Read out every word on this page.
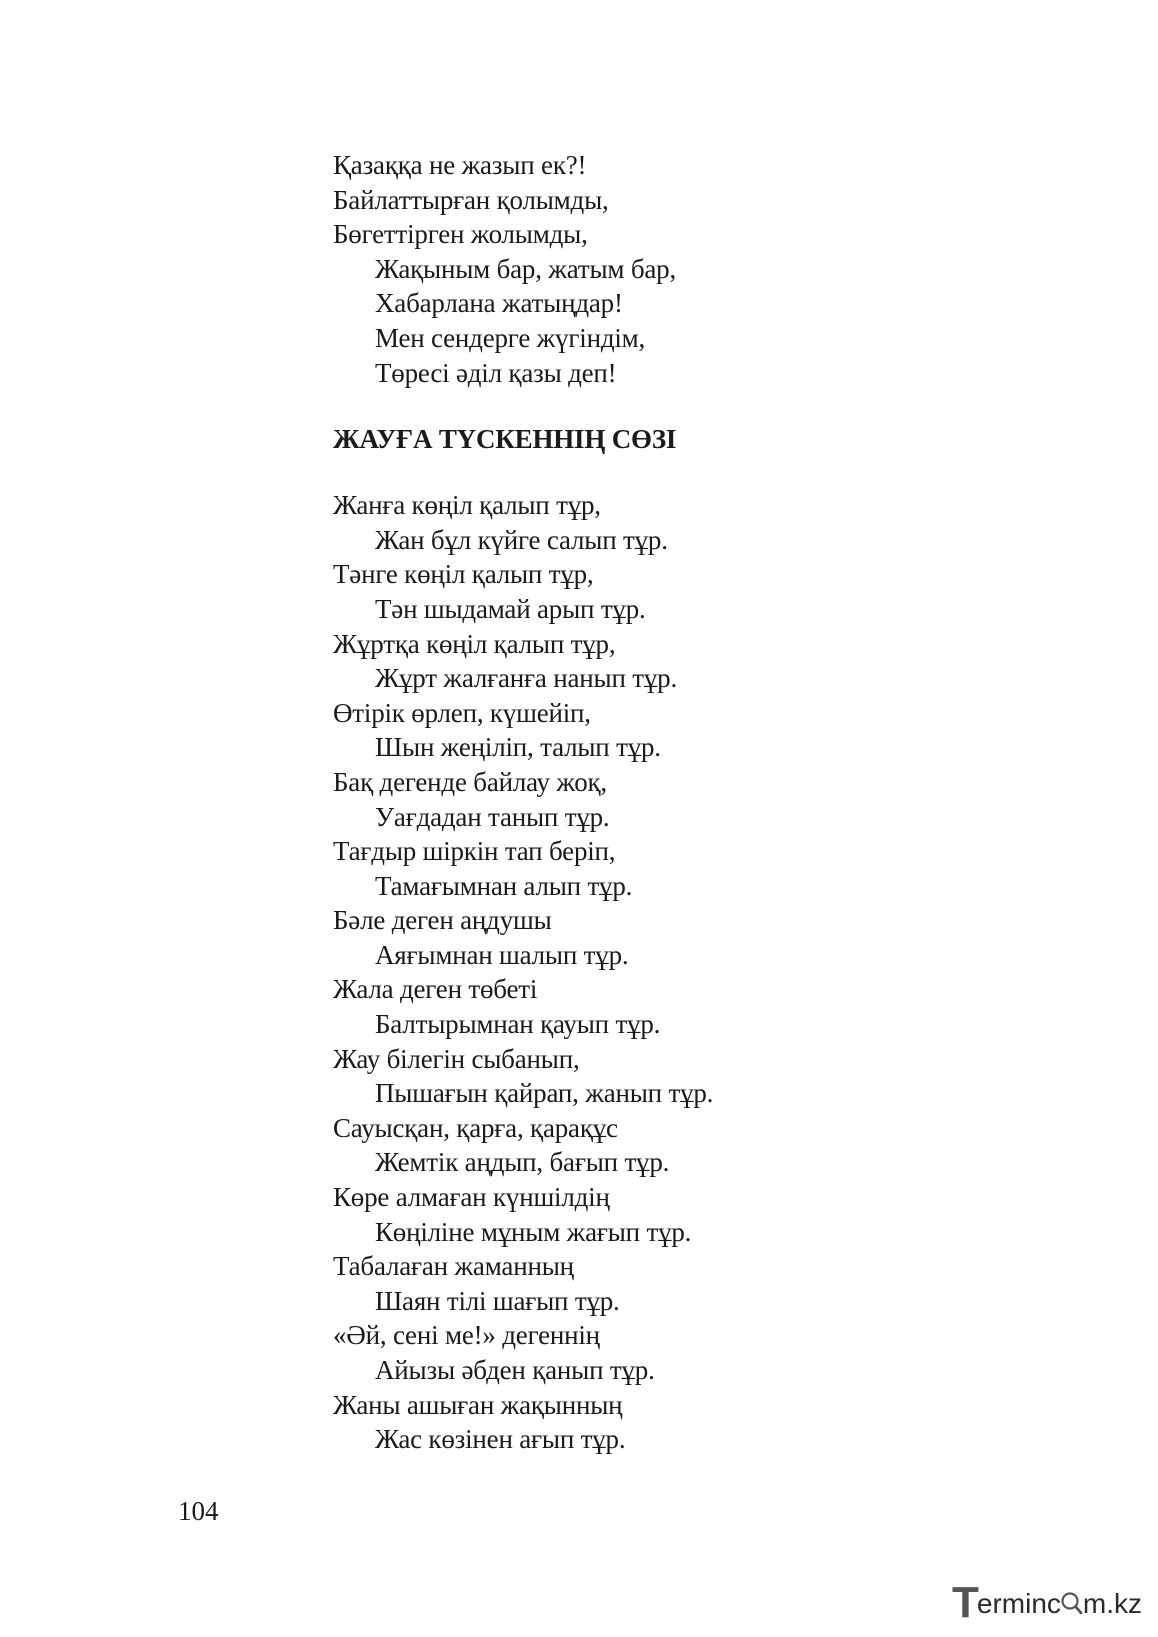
Қазаққа не жазып ек?!
Байлаттырған қолымды,
Бөгеттірген жолымды,
Жақыным бар, жатым бар,
Хабарлана жатыңдар!
Мен сендерге жүгіндім,
Төресі әділ қазы деп!
ЖАУҒА ТҮСКЕННІҢ СӨЗІ
Жанға көңіл қалып тұр,
Жан бұл күйге салып тұр.
Тәнге көңіл қалып тұр,
Тән шыдамай арып тұр.
Жұртқа көңіл қалып тұр,
Жұрт жалғанға нанып тұр.
Өтірік өрлеп, күшейіп,
Шын жеңіліп, талып тұр.
Бақ дегенде байлау жоқ,
Уағдадан танып тұр.
Тағдыр шіркін тап беріп,
Тамағымнан алып тұр.
Бәле деген аңдушы
Аяғымнан шалып тұр.
Жала деген төбеті
Балтырымнан қауып тұр.
Жау білегін сыбанып,
Пышағын қайрап, жанып тұр.
Сауысқан, қарға, қарақұс
Жемтік аңдып, бағып тұр.
Көре алмаған күншілдің
Көңіліне мұным жағып тұр.
Табалаған жаманның
Шаян тілі шағып тұр.
«Әй, сені ме!» дегеннің
Айызы әбден қанып тұр.
Жаны ашыған жақынның
Жас көзінен ағып тұр.
104
Terminc m.kz
